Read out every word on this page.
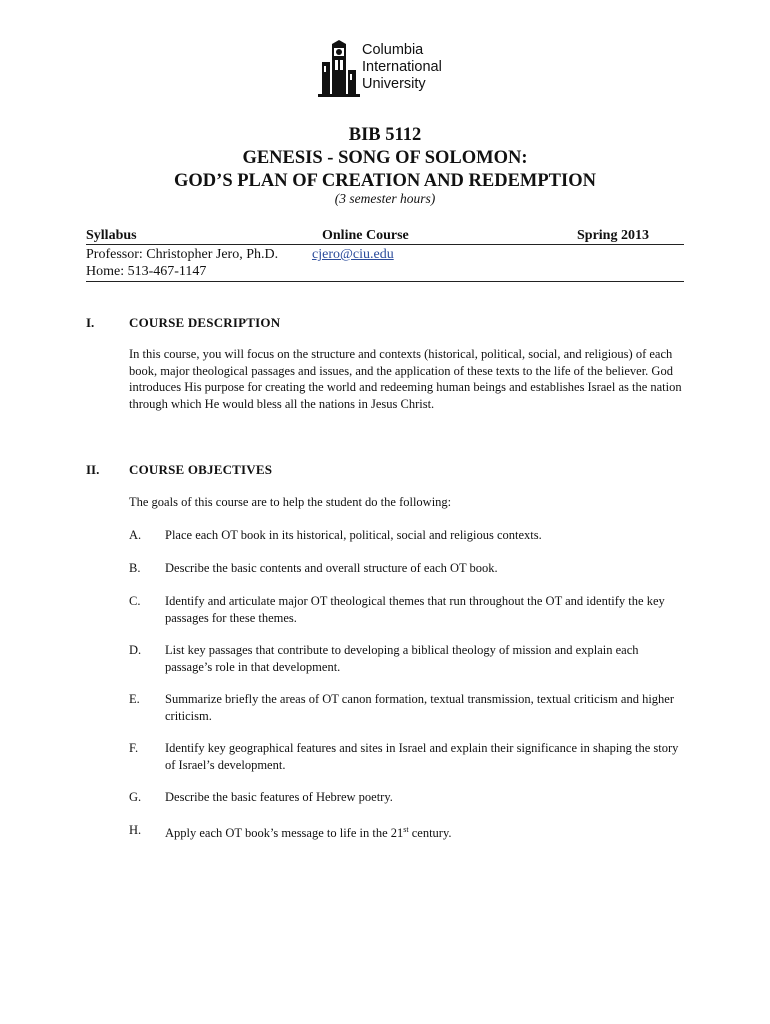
Columbia
International
University
BIB 5112
GENESIS - SONG OF SOLOMON:
GOD’S PLAN OF CREATION AND REDEMPTION
(3 semester hours)
Syllabus	Online Course	Spring 2013
Professor: Christopher Jero, Ph.D. cjero@ciu.edu
Home: 513-467-1147
I.	COURSE DESCRIPTION

In this course, you will focus on the structure and contexts (historical, political, social, and religious) of each book, major theological passages and issues, and the application of these texts to the life of the believer. God introduces His purpose for creating the world and redeeming human beings and establishes Israel as the nation through which He would bless all the nations in Jesus Christ.

II. COURSE OBJECTIVES
The goals of this course are to help the student do the following:
A. Place each OT book in its historical, political, social and religious contexts.
B. Describe the basic contents and overall structure of each OT book.
C. Identify and articulate major OT theological themes that run throughout the OT and identify the key passages for these themes.
D. List key passages that contribute to developing a biblical theology of mission and explain each passage’s role in that development.
E. Summarize briefly the areas of OT canon formation, textual transmission, textual criticism and higher criticism.
F. Identify key geographical features and sites in Israel and explain their significance in shaping the story of Israel’s development.
G. Describe the basic features of Hebrew poetry.
H. Apply each OT book’s message to life in the 21st century.
